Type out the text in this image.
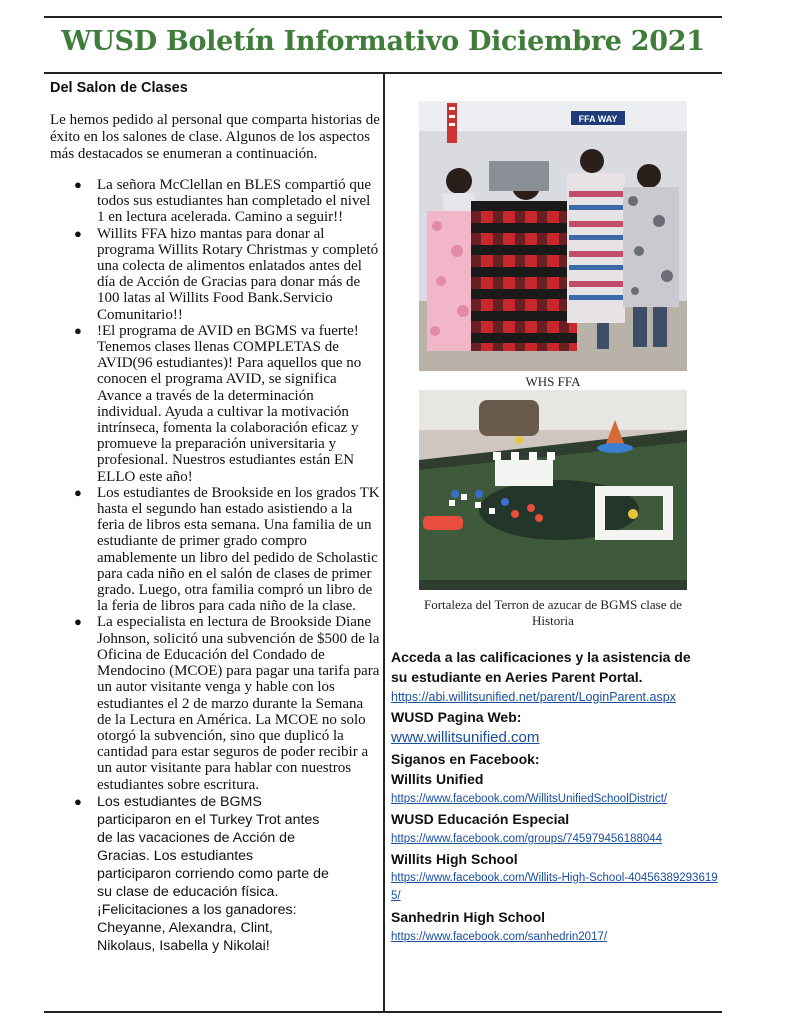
WUSD Boletín Informativo Diciembre 2021
Del Salon de Clases
Le hemos pedido al personal que comparta historias de éxito en los salones de clase. Algunos de los aspectos más destacados se enumeran a continuación.
● La señora McClellan en BLES compartió que todos sus estudiantes han completado el nivel 1 en lectura acelerada. Camino a seguir!!
● Willits FFA hizo mantas para donar al programa Willits Rotary Christmas y completó una colecta de alimentos enlatados antes del día de Acción de Gracias para donar más de 100 latas al Willits Food Bank.Servicio Comunitario!!
● !El programa de AVID en BGMS va fuerte! Tenemos clases llenas COMPLETAS de AVID(96 estudiantes)! Para aquellos que no conocen el programa AVID, se significa Avance a través de la determinación individual. Ayuda a cultivar la motivación intrínseca, fomenta la colaboración eficaz y promueve la preparación universitaria y profesional. Nuestros estudiantes están EN ELLO este año!
● Los estudiantes de Brookside en los grados TK hasta el segundo han estado asistiendo a la feria de libros esta semana. Una familia de un estudiante de primer grado compro amablemente un libro del pedido de Scholastic para cada niño en el salón de clases de primer grado. Luego, otra familia compró un libro de la feria de libros para cada niño de la clase.
● La especialista en lectura de Brookside Diane Johnson, solicitó una subvención de $500 de la Oficina de Educación del Condado de Mendocino (MCOE) para pagar una tarifa para un autor visitante venga y hable con los estudiantes el 2 de marzo durante la Semana de la Lectura en América. La MCOE no solo otorgó la subvención, sino que duplicó la cantidad para estar seguros de poder recibir a un autor visitante para hablar con nuestros estudiantes sobre escritura.
● Los estudiantes de BGMS participaron en el Turkey Trot antes de las vacaciones de Acción de Gracias. Los estudiantes participaron corriendo como parte de su clase de educación física. ¡Felicitaciones a los ganadores: Cheyanne, Alexandra, Clint, Nikolaus, Isabella y Nikolai!
FFA WAY
WHS FFA
Fortaleza del Terron de azucar de BGMS clase de Historia
Acceda a las calificaciones y la asistencia de
su estudiante en Aeries Parent Portal.
https://abi.willitsunified.net/parent/LoginParent.aspx
WUSD Pagina Web:
www.willitsunified.com
Siganos en Facebook:
Willits Unified
https://www.facebook.com/WillitsUnifiedSchoolDistrict/
WUSD Educación Especial
https://www.facebook.com/groups/745979456188044
Willits High School
https://www.facebook.com/Willits-High-School-404563892936195/
Sanhedrin High School
https://www.facebook.com/sanhedrin2017/
